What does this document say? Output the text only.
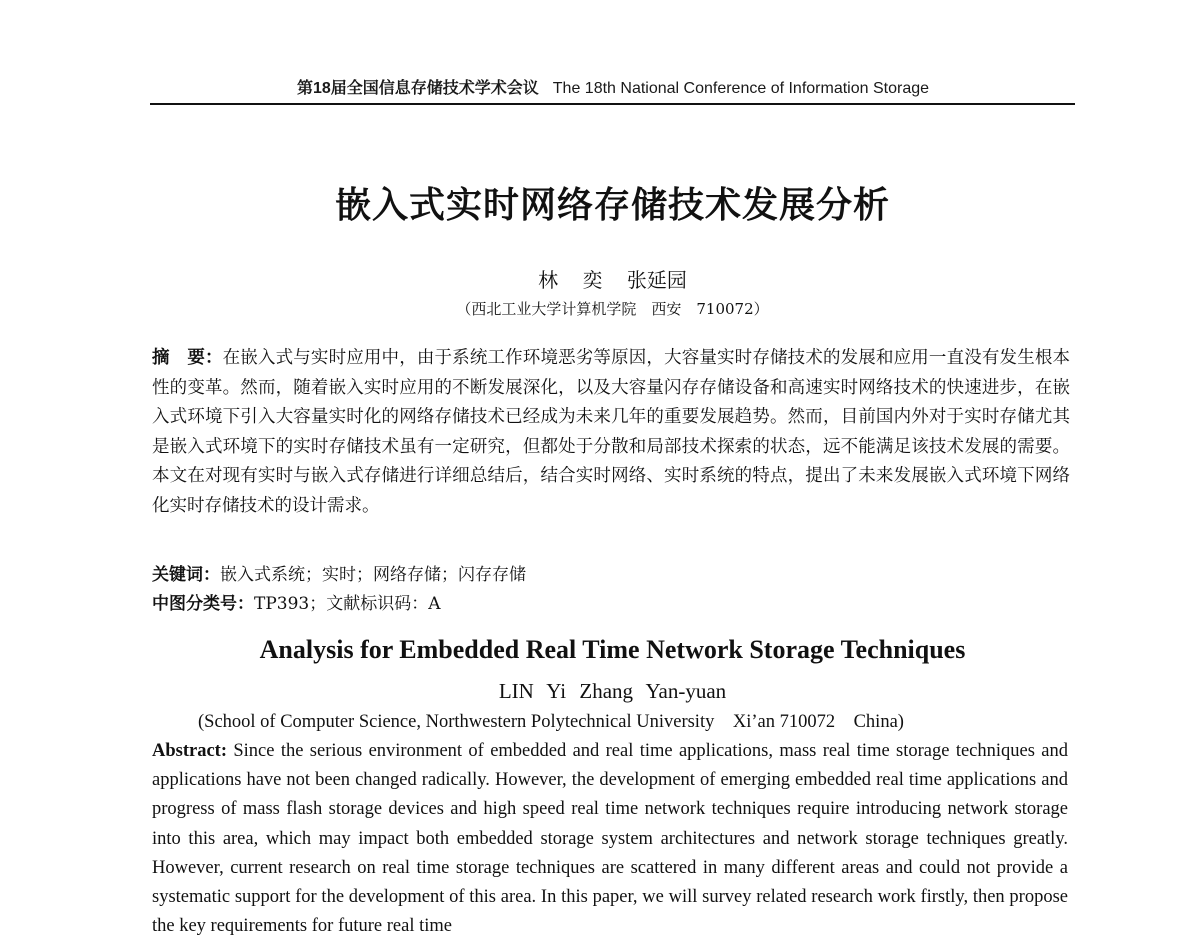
第18届全国信息存储技术学术会议 The 18th National Conference of Information Storage
嵌入式实时网络存储技术发展分析
林 奕 张延园
（西北工业大学计算机学院　西安　710072）

摘　要：在嵌入式与实时应用中，由于系统工作环境恶劣等原因，大容量实时存储技术的发展和应用一直没有发生根本性的变革。然而，随着嵌入实时应用的不断发展深化，以及大容量闪存存储设备和高速实时网络技术的快速进步，在嵌入式环境下引入大容量实时化的网络存储技术已经成为未来几年的重要发展趋势。然而，目前国内外对于实时存储尤其是嵌入式环境下的实时存储技术虽有一定研究，但都处于分散和局部技术探索的状态，远不能满足该技术发展的需要。本文在对现有实时与嵌入式存储进行详细总结后，结合实时网络、实时系统的特点，提出了未来发展嵌入式环境下网络化实时存储技术的设计需求。

关键词：嵌入式系统；实时；网络存储；闪存存储
中图分类号：TP393；文献标识码：A
Analysis for Embedded Real Time Network Storage Techniques
LIN Yi Zhang Yan-yuan
(School of Computer Science, Northwestern Polytechnical University　Xi’an 710072　China)

Abstract: Since the serious environment of embedded and real time applications, mass real time storage techniques and applications have not been changed radically. However, the development of emerging embedded real time applications and progress of mass flash storage devices and high speed real time network techniques require introducing network storage into this area, which may impact both embedded storage system architectures and network storage techniques greatly. However, current research on real time storage techniques are scattered in many different areas and could not provide a systematic support for the development of this area. In this paper, we will survey related research work firstly, then propose the key requirements for future real time
